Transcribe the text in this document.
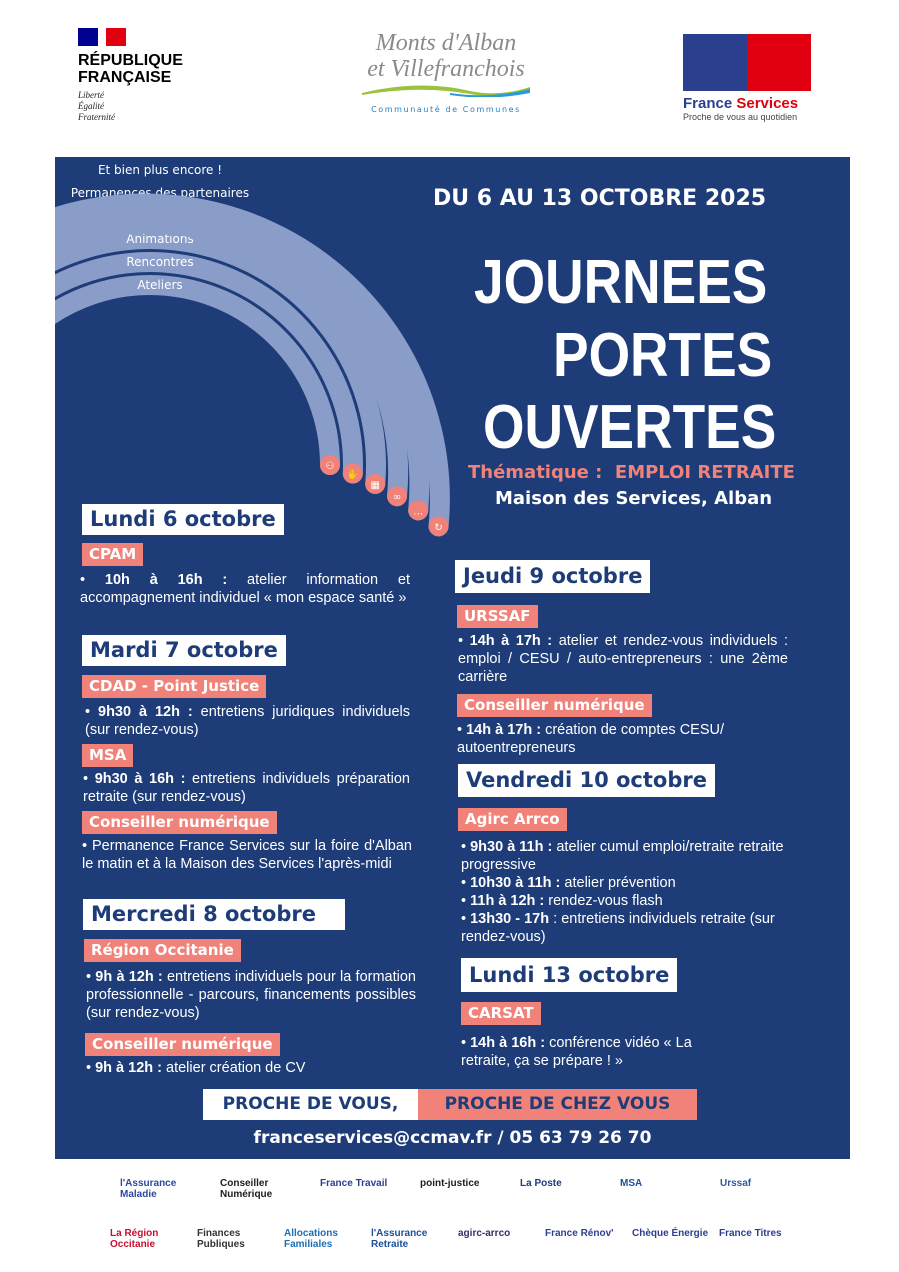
RÉPUBLIQUE
FRANÇAISE
Liberté
Égalité
Fraternité
Monts d'Alban
et Villefranchois
Communauté de Communes	France Services
Proche de vous au quotidien
Ateliers
⚇
Rencontres
✋
Animations
▦
Présentation des services
∞
Permanences des partenaires
…
Et bien plus encore !
↻
DU 6 AU 13 OCTOBRE 2025
JOURNEES
PORTES
OUVERTES
Thématique : EMPLOI RETRAITE
Maison des Services, Alban
Lundi 6 octobre
CPAM
• 10h à 16h : atelier information et accompagnement individuel « mon espace santé »
Mardi 7 octobre
CDAD - Point Justice
• 9h30 à 12h : entretiens juridiques individuels (sur rendez-vous)
MSA
• 9h30 à 16h : entretiens individuels préparation retraite (sur rendez-vous)
Conseiller numérique
• Permanence France Services sur la foire d'Alban le matin et à la Maison des Services l'après-midi
Mercredi 8 octobre
Région Occitanie
• 9h à 12h : entretiens individuels pour la formation professionnelle - parcours, financements possibles (sur rendez-vous)
Conseiller numérique
• 9h à 12h : atelier création de CV
Jeudi 9 octobre
URSSAF
• 14h à 17h : atelier et rendez-vous individuels : emploi / CESU / auto-entrepreneurs : une 2ème carrière
Conseiller numérique
• 14h à 17h : création de comptes CESU/ autoentrepreneurs
Vendredi 10 octobre
Agirc Arrco
• 9h30 à 11h : atelier cumul emploi/retraite retraite progressive
• 10h30 à 11h : atelier prévention
• 11h à 12h : rendez-vous flash
• 13h30 - 17h : entretiens individuels retraite (sur rendez-vous)
Lundi 13 octobre
CARSAT
• 14h à 16h : conférence vidéo « La retraite, ça se prépare ! »
PROCHE DE VOUS,	PROCHE DE CHEZ VOUS
franceservices@ccmav.fr / 05 63 79 26 70
l'Assurance Maladie
Conseiller Numérique
France Travail	point-justice	La Poste	MSA	Urssaf
La Région Occitanie
Finances Publiques
Allocations Familiales
l'Assurance Retraite
agirc-arrco	France Rénov'	Chèque Énergie	France Titres
